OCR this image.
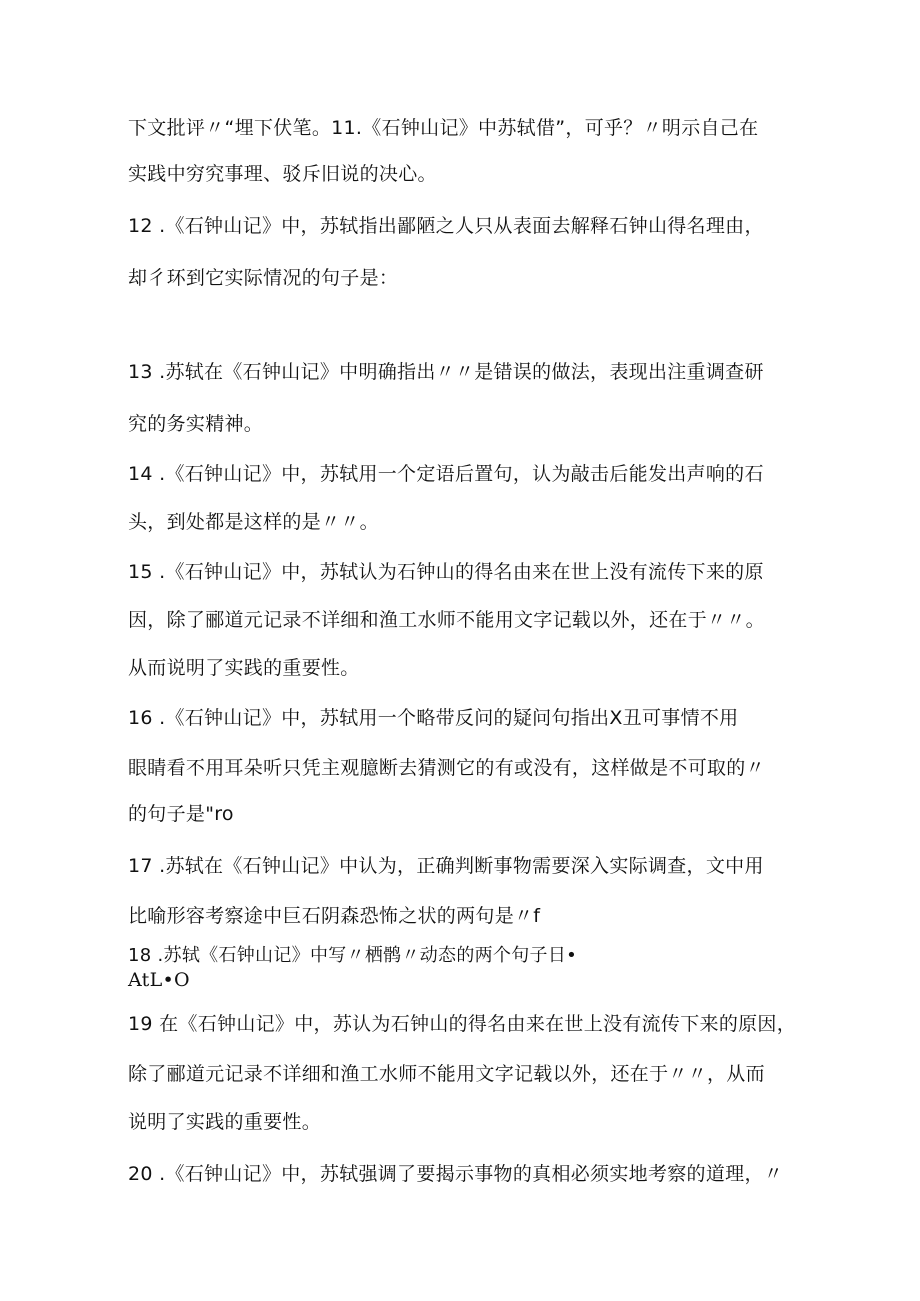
下文批评〃“埋下伏笔。11.《石钟山记》中苏轼借”，可乎？〃明示自己在
实践中穷究事理、驳斥旧说的决心。
12 .《石钟山记》中，苏轼指出鄙陋之人只从表面去解释石钟山得名理由，
却彳环到它实际情况的句子是：
13 .苏轼在《石钟山记》中明确指出〃〃是错误的做法，表现出注重调查研
究的务实精神。
14 .《石钟山记》中，苏轼用一个定语后置句，认为敲击后能发出声响的石
头，到处都是这样的是〃〃。
15 .《石钟山记》中，苏轼认为石钟山的得名由来在世上没有流传下来的原
因，除了郦道元记录不详细和渔工水师不能用文字记载以外，还在于〃〃。
从而说明了实践的重要性。
16 .《石钟山记》中，苏轼用一个略带反问的疑问句指出X丑可事情不用
眼睛看不用耳朵听只凭主观臆断去猜测它的有或没有，这样做是不可取的〃
的句子是"ro
17 .苏轼在《石钟山记》中认为，正确判断事物需要深入实际调查，文中用
比喻形容考察途中巨石阴森恐怖之状的两句是〃f
18 .苏轼《石钟山记》中写〃栖鹘〃动态的两个句子日•
AtL•O
19 在《石钟山记》中，苏认为石钟山的得名由来在世上没有流传下来的原因，
除了郦道元记录不详细和渔工水师不能用文字记载以外，还在于〃〃，从而
说明了实践的重要性。
20 .《石钟山记》中，苏轼强调了要揭示事物的真相必须实地考察的道理，〃
